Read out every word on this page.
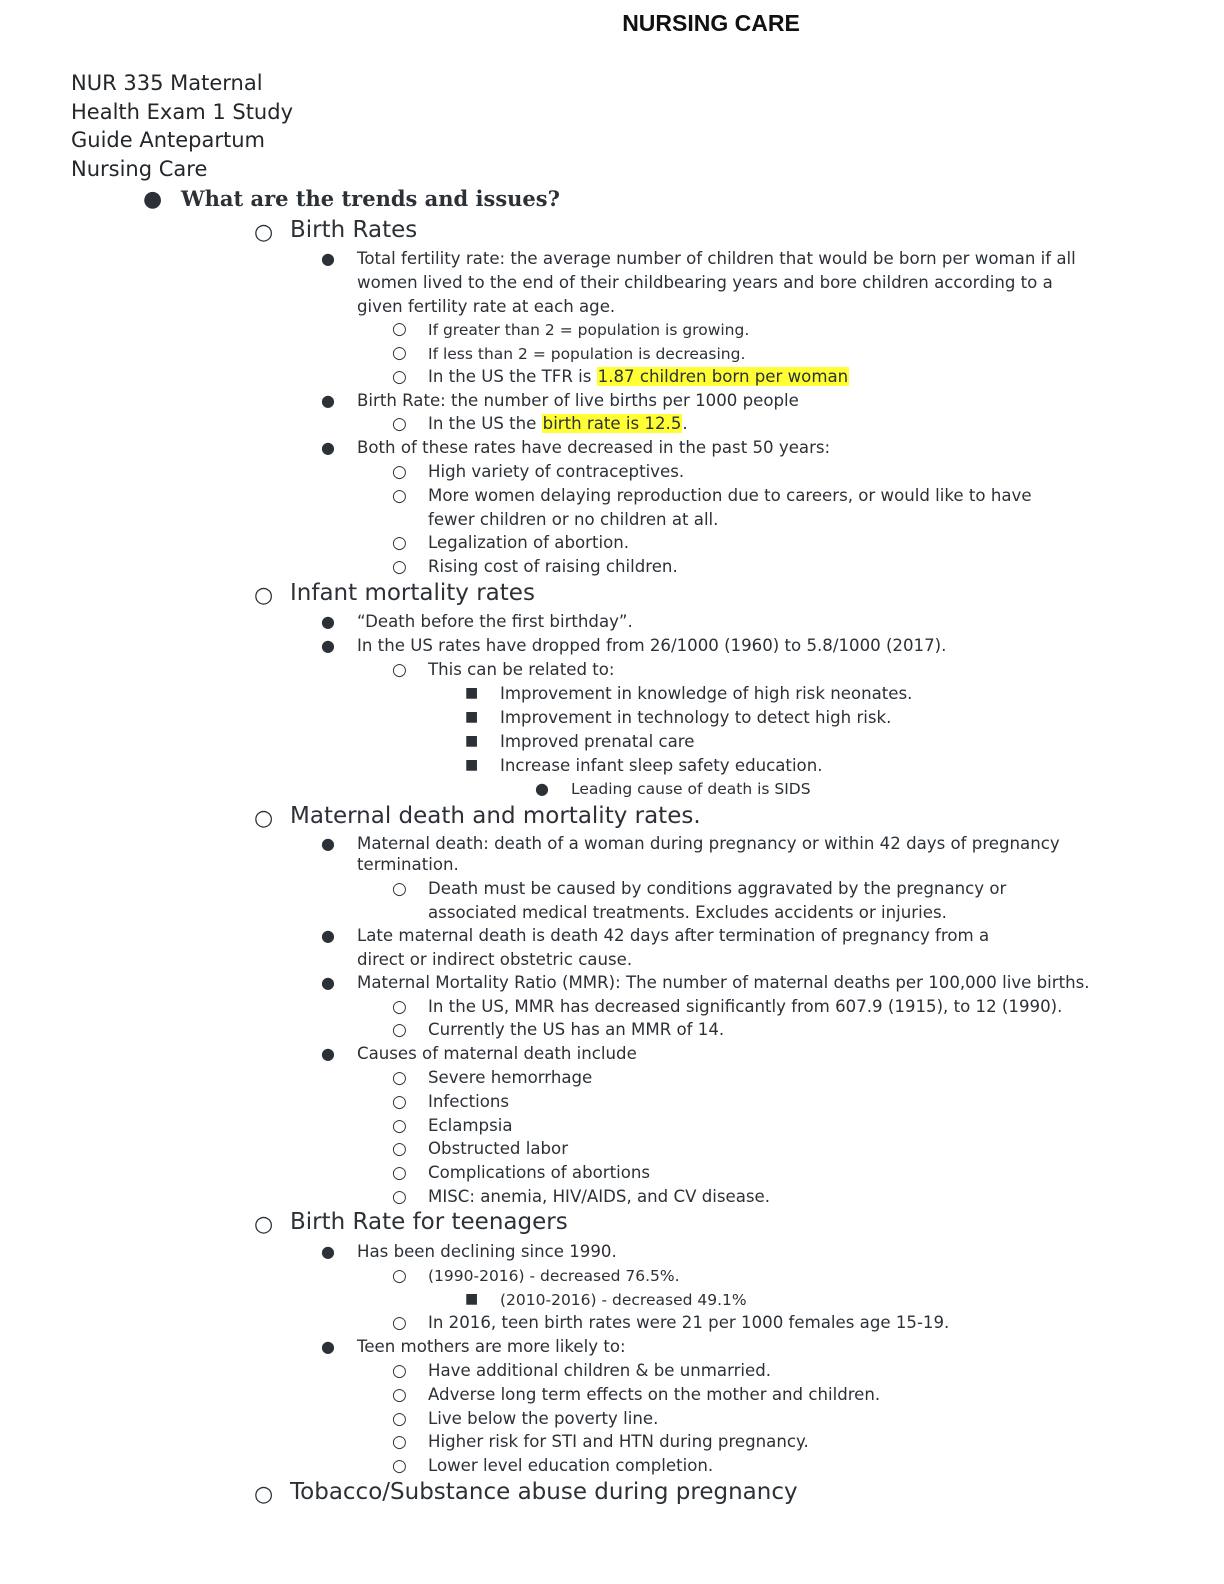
NURSING CARE
NUR 335 Maternal
Health Exam 1 Study
Guide Antepartum
Nursing Care
● What are the trends and issues?
○ Birth Rates
● Total fertility rate: the average number of children that would be born per woman if all
women lived to the end of their childbearing years and bore children according to a
given fertility rate at each age.
○ If greater than 2 = population is growing.
○ If less than 2 = population is decreasing.
○ In the US the TFR is 1.87 children born per woman
● Birth Rate: the number of live births per 1000 people
○ In the US the birth rate is 12.5.
● Both of these rates have decreased in the past 50 years:
○ High variety of contraceptives.
○ More women delaying reproduction due to careers, or would like to have
fewer children or no children at all.
○ Legalization of abortion.
○ Rising cost of raising children.
○ Infant mortality rates
● “Death before the first birthday”.
● In the US rates have dropped from 26/1000 (1960) to 5.8/1000 (2017).
○ This can be related to:
■ Improvement in knowledge of high risk neonates.
■ Improvement in technology to detect high risk.
■ Improved prenatal care
■ Increase infant sleep safety education.
● Leading cause of death is SIDS
○ Maternal death and mortality rates.
● Maternal death: death of a woman during pregnancy or within 42 days of pregnancy
termination.
○ Death must be caused by conditions aggravated by the pregnancy or
associated medical treatments. Excludes accidents or injuries.
● Late maternal death is death 42 days after termination of pregnancy from a
direct or indirect obstetric cause.
● Maternal Mortality Ratio (MMR): The number of maternal deaths per 100,000 live births.
○ In the US, MMR has decreased significantly from 607.9 (1915), to 12 (1990).
○ Currently the US has an MMR of 14.
● Causes of maternal death include
○ Severe hemorrhage
○ Infections
○ Eclampsia
○ Obstructed labor
○ Complications of abortions
○ MISC: anemia, HIV/AIDS, and CV disease.
○ Birth Rate for teenagers
● Has been declining since 1990.
○ (1990-2016) - decreased 76.5%.
■ (2010-2016) - decreased 49.1%
○ In 2016, teen birth rates were 21 per 1000 females age 15-19.
● Teen mothers are more likely to:
○ Have additional children & be unmarried.
○ Adverse long term effects on the mother and children.
○ Live below the poverty line.
○ Higher risk for STI and HTN during pregnancy.
○ Lower level education completion.
○ Tobacco/Substance abuse during pregnancy
